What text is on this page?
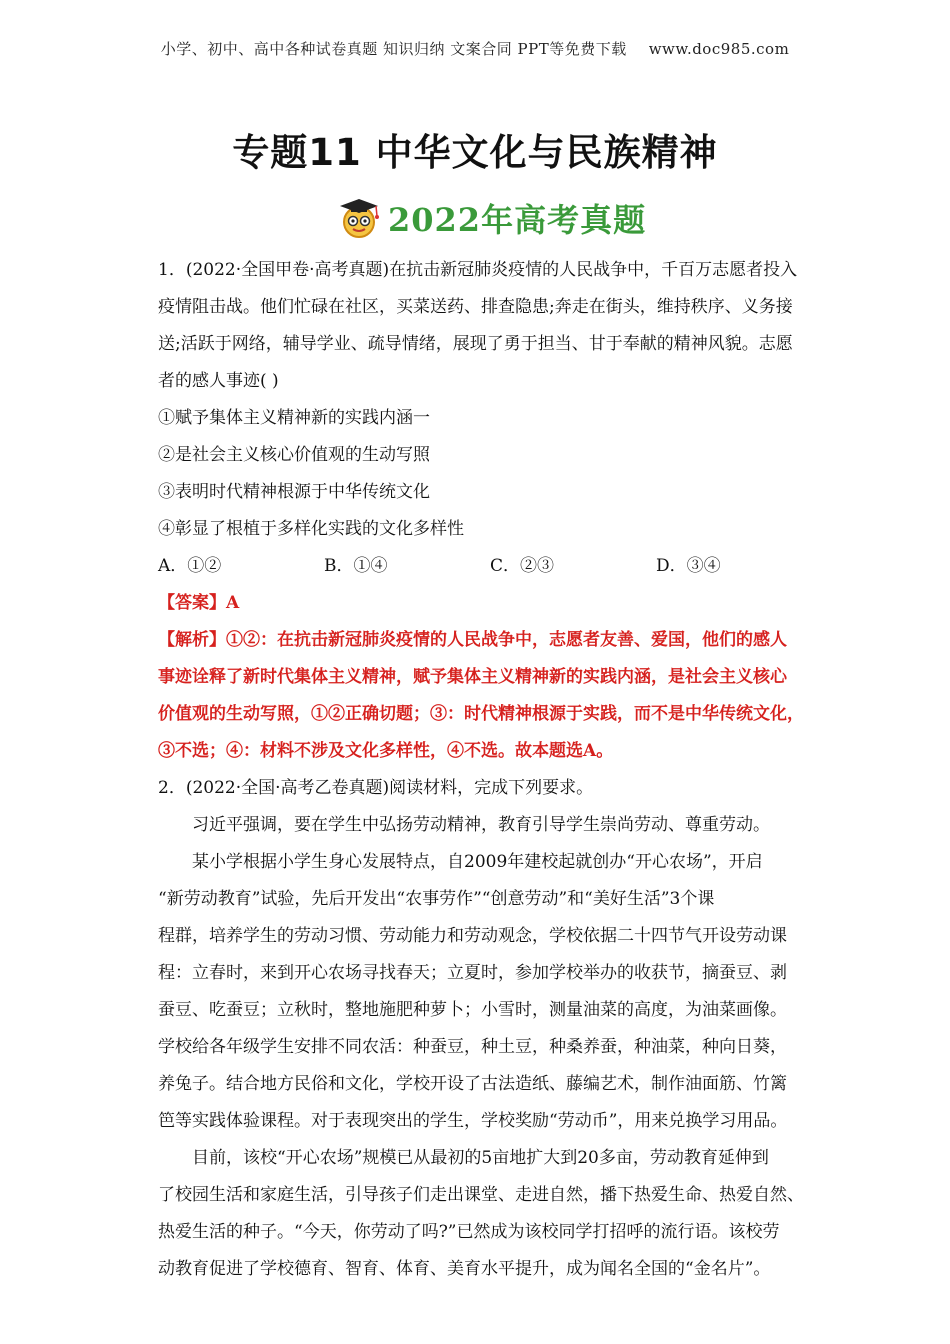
小学、初中、高中各种试卷真题 知识归纳 文案合同 PPT等免费下载 www.doc985.com
专题11 中华文化与民族精神
2022年高考真题
1．(2022·全国甲卷·高考真题)在抗击新冠肺炎疫情的人民战争中，千百万志愿者投入
疫情阻击战。他们忙碌在社区，买菜送药、排查隐患;奔走在街头，维持秩序、义务接
送;活跃于网络，辅导学业、疏导情绪，展现了勇于担当、甘于奉献的精神风貌。志愿
者的感人事迹( )
①赋予集体主义精神新的实践内涵一
②是社会主义核心价值观的生动写照
③表明时代精神根源于中华传统文化
④彰显了根植于多样化实践的文化多样性
A．①②	B．①④	C．②③	D．③④
【答案】A
【解析】①②：在抗击新冠肺炎疫情的人民战争中，志愿者友善、爱国，他们的感人
事迹诠释了新时代集体主义精神，赋予集体主义精神新的实践内涵，是社会主义核心
价值观的生动写照，①②正确切题；③：时代精神根源于实践，而不是中华传统文化，
③不选；④：材料不涉及文化多样性，④不选。故本题选A。
2．(2022·全国·高考乙卷真题)阅读材料，完成下列要求。
习近平强调，要在学生中弘扬劳动精神，教育引导学生崇尚劳动、尊重劳动。
某小学根据小学生身心发展特点，自2009年建校起就创办“开心农场”，开启
“新劳动教育”试验，先后开发出“农事劳作”“创意劳动”和“美好生活”3个课
程群，培养学生的劳动习惯、劳动能力和劳动观念，学校依据二十四节气开设劳动课
程：立春时，来到开心农场寻找春天；立夏时，参加学校举办的收获节，摘蚕豆、剥
蚕豆、吃蚕豆；立秋时，整地施肥种萝卜；小雪时，测量油菜的高度，为油菜画像。
学校给各年级学生安排不同农活：种蚕豆，种土豆，种桑养蚕，种油菜，种向日葵，
养兔子。结合地方民俗和文化，学校开设了古法造纸、藤编艺术，制作油面筋、竹篱
笆等实践体验课程。对于表现突出的学生，学校奖励“劳动币”，用来兑换学习用品。
目前，该校“开心农场”规模已从最初的5亩地扩大到20多亩，劳动教育延伸到
了校园生活和家庭生活，引导孩子们走出课堂、走进自然，播下热爱生命、热爱自然、
热爱生活的种子。“今天，你劳动了吗?”已然成为该校同学打招呼的流行语。该校劳
动教育促进了学校德育、智育、体育、美育水平提升，成为闻名全国的“金名片”。
